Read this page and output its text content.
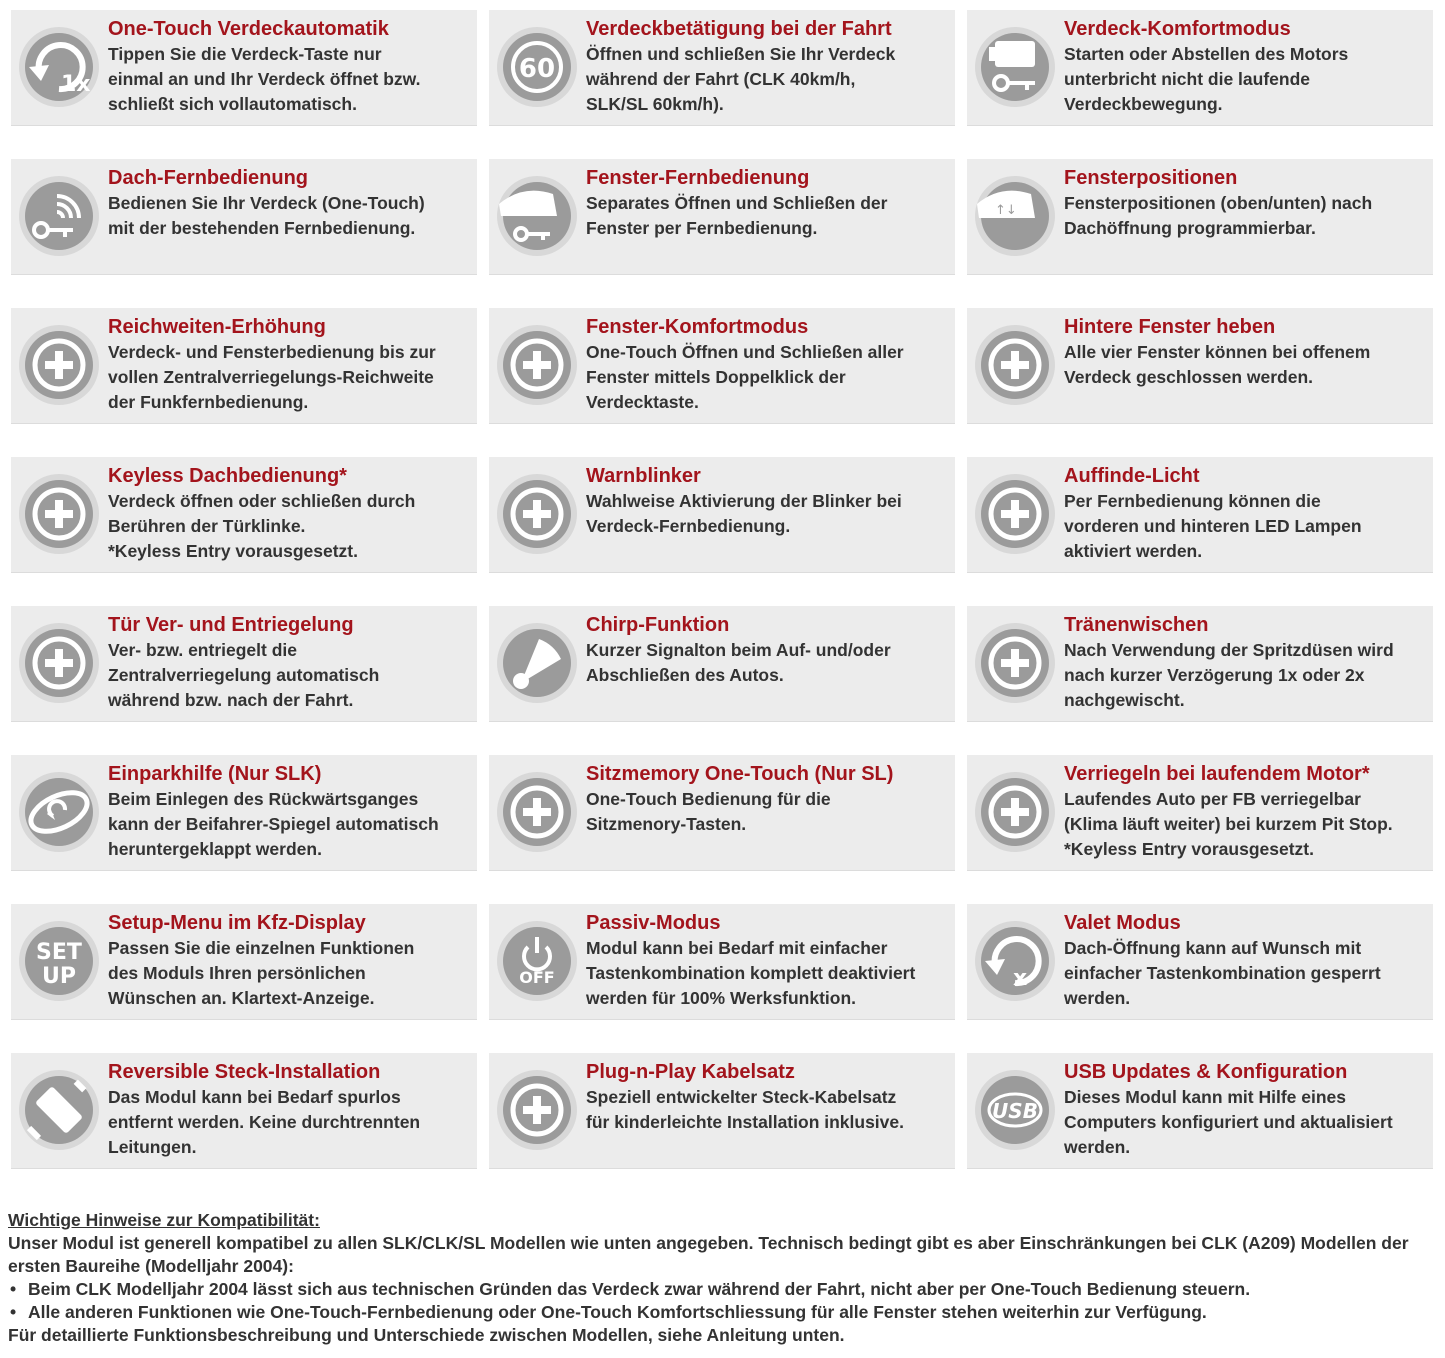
1x
One-Touch Verdeckautomatik
Tippen Sie die Verdeck-Taste nur
einmal an und Ihr Verdeck öffnet bzw.
schließt sich vollautomatisch.
60
Verdeckbetätigung bei der Fahrt
Öffnen und schließen Sie Ihr Verdeck
während der Fahrt (CLK 40km/h,
SLK/SL 60km/h).
Verdeck-Komfortmodus
Starten oder Abstellen des Motors
unterbricht nicht die laufende
Verdeckbewegung.
Dach-Fernbedienung
Bedienen Sie Ihr Verdeck (One-Touch)
mit der bestehenden Fernbedienung.
Fenster-Fernbedienung
Separates Öffnen und Schließen der
Fenster per Fernbedienung.
↑↓
Fensterpositionen
Fensterpositionen (oben/unten) nach
Dachöffnung programmierbar.
Reichweiten-Erhöhung
Verdeck- und Fensterbedienung bis zur
vollen Zentralverriegelungs-Reichweite
der Funkfernbedienung.
Fenster-Komfortmodus
One-Touch Öffnen und Schließen aller
Fenster mittels Doppelklick der
Verdecktaste.
Hintere Fenster heben
Alle vier Fenster können bei offenem
Verdeck geschlossen werden.
Keyless Dachbedienung*
Verdeck öffnen oder schließen durch
Berühren der Türklinke.
*Keyless Entry vorausgesetzt.
Warnblinker
Wahlweise Aktivierung der Blinker bei
Verdeck-Fernbedienung.
Auffinde-Licht
Per Fernbedienung können die
vorderen und hinteren LED Lampen
aktiviert werden.
Tür Ver- und Entriegelung
Ver- bzw. entriegelt die
Zentralverriegelung automatisch
während bzw. nach der Fahrt.
Chirp-Funktion
Kurzer Signalton beim Auf- und/oder
Abschließen des Autos.
Tränenwischen
Nach Verwendung der Spritzdüsen wird
nach kurzer Verzögerung 1x oder 2x
nachgewischt.
Einparkhilfe (Nur SLK)
Beim Einlegen des Rückwärtsganges
kann der Beifahrer-Spiegel automatisch
heruntergeklappt werden.
Sitzmemory One-Touch (Nur SL)
One-Touch Bedienung für die
Sitzmenory-Tasten.
Verriegeln bei laufendem Motor*
Laufendes Auto per FB verriegelbar
(Klima läuft weiter) bei kurzem Pit Stop.
*Keyless Entry vorausgesetzt.
SET
UP
Setup-Menu im Kfz-Display
Passen Sie die einzelnen Funktionen
des Moduls Ihren persönlichen
Wünschen an. Klartext-Anzeige.
OFF
Passiv-Modus
Modul kann bei Bedarf mit einfacher
Tastenkombination komplett deaktiviert
werden für 100% Werksfunktion.
x
Valet Modus
Dach-Öffnung kann auf Wunsch mit
einfacher Tastenkombination gesperrt
werden.
Reversible Steck-Installation
Das Modul kann bei Bedarf spurlos
entfernt werden. Keine durchtrennten
Leitungen.
Plug-n-Play Kabelsatz
Speziell entwickelter Steck-Kabelsatz
für kinderleichte Installation inklusive.	USB
USB Updates & Konfiguration
Dieses Modul kann mit Hilfe eines
Computers konfiguriert und aktualisiert
werden.
Wichtige Hinweise zur Kompatibilität:
Unser Modul ist generell kompatibel zu allen SLK/CLK/SL Modellen wie unten angegeben. Technisch bedingt gibt es aber Einschränkungen bei CLK (A209) Modellen der ersten Baureihe (Modelljahr 2004):
• Beim CLK Modelljahr 2004 lässt sich aus technischen Gründen das Verdeck zwar während der Fahrt, nicht aber per One-Touch Bedienung steuern.
• Alle anderen Funktionen wie One-Touch-Fernbedienung oder One-Touch Komfortschliessung für alle Fenster stehen weiterhin zur Verfügung.
Für detaillierte Funktionsbeschreibung und Unterschiede zwischen Modellen, siehe Anleitung unten.
